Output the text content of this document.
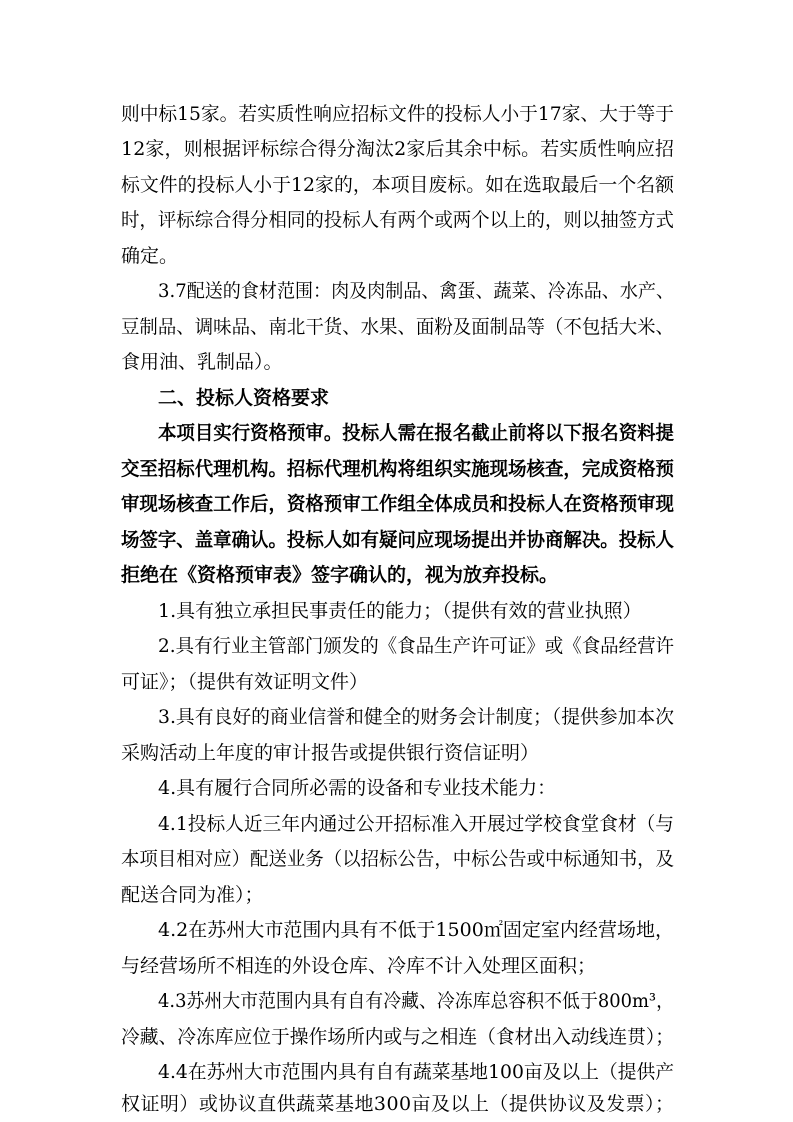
则中标15家。若实质性响应招标文件的投标人小于17家、大于等于
12家，则根据评标综合得分淘汰2家后其余中标。若实质性响应招
标文件的投标人小于12家的，本项目废标。如在选取最后一个名额
时，评标综合得分相同的投标人有两个或两个以上的，则以抽签方式
确定。
3.7配送的食材范围：肉及肉制品、禽蛋、蔬菜、冷冻品、水产、
豆制品、调味品、南北干货、水果、面粉及面制品等（不包括大米、
食用油、乳制品）。
二、投标人资格要求
本项目实行资格预审。投标人需在报名截止前将以下报名资料提
交至招标代理机构。招标代理机构将组织实施现场核查，完成资格预
审现场核查工作后，资格预审工作组全体成员和投标人在资格预审现
场签字、盖章确认。投标人如有疑问应现场提出并协商解决。投标人
拒绝在《资格预审表》签字确认的，视为放弃投标。
1.具有独立承担民事责任的能力；（提供有效的营业执照）
2.具有行业主管部门颁发的《食品生产许可证》或《食品经营许
可证》；（提供有效证明文件）
3.具有良好的商业信誉和健全的财务会计制度；（提供参加本次
采购活动上年度的审计报告或提供银行资信证明）
4.具有履行合同所必需的设备和专业技术能力：
4.1投标人近三年内通过公开招标准入开展过学校食堂食材（与
本项目相对应）配送业务（以招标公告，中标公告或中标通知书，及
配送合同为准）；
4.2在苏州大市范围内具有不低于1500㎡固定室内经营场地，
与经营场所不相连的外设仓库、冷库不计入处理区面积；
4.3苏州大市范围内具有自有冷藏、冷冻库总容积不低于800m³，
冷藏、冷冻库应位于操作场所内或与之相连（食材出入动线连贯）；
4.4在苏州大市范围内具有自有蔬菜基地100亩及以上（提供产
权证明）或协议直供蔬菜基地300亩及以上（提供协议及发票）；
